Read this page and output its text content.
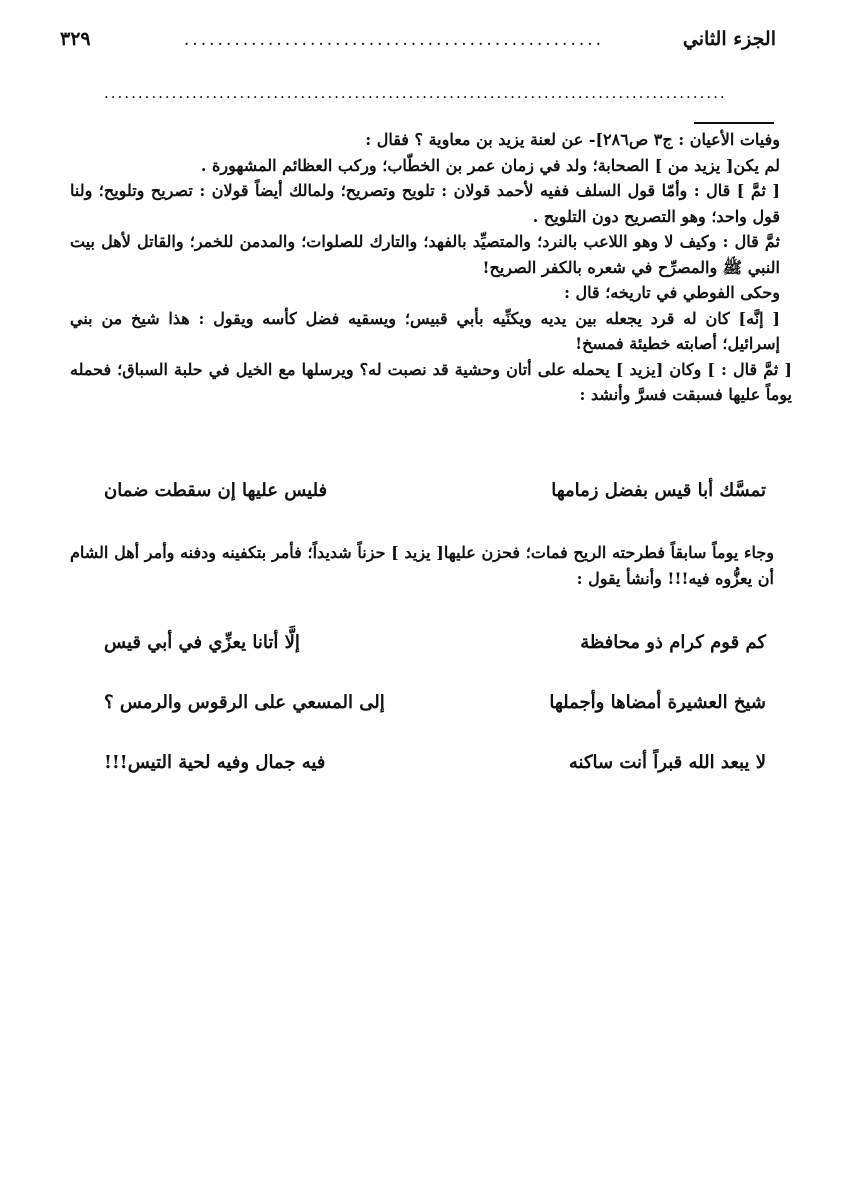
الجزء الثاني
..................................................
٣٢٩
............................................................................................

وفيات الأعيان : ج٣ ص٢٨٦]- عن لعنة يزيد بن معاوية ؟ فقال :

لم يكن[ يزيد من ] الصحابة؛ ولد في زمان عمر بن الخطّاب؛ وركب العظائم المشهورة .

[ ثمَّ ] قال : وأمّا قول السلف ففيه لأحمد قولان : تلويح وتصريح؛ ولمالك أيضاً قولان : تصريح وتلويح؛ ولنا قول واحد؛ وهو التصريح دون التلويح .

ثمَّ قال : وكيف لا وهو اللاعب بالنرد؛ والمتصيِّد بالفهد؛ والتارك للصلوات؛ والمدمن للخمر؛ والقاتل لأهل بيت النبي ﷺ والمصرِّح في شعره بالكفر الصريح!

وحكى الفوطي في تاريخه؛ قال :

[ إنَّه] كان له قرد يجعله بين يديه ويكنِّيه بأبي قبيس؛ ويسقيه فضل كأسه ويقول : هذا شيخ من بني إسرائيل؛ أصابته خطيئة فمسخ!

[ ثمَّ قال : ] وكان [يزيد ] يحمله على أتان وحشية قد نصبت له؟ ويرسلها مع الخيل في حلبة السباق؛ فحمله يوماً عليها فسبقت فسرَّ وأنشد :

تمسَّك أبا قيس بفضل زمامها
فليس عليها إن سقطت ضمان

وجاء يوماً سابقاً فطرحته الريح فمات؛ فحزن عليها[ يزيد ] حزناً شديداً؛ فأمر بتكفينه ودفنه وأمر أهل الشام أن يعزُّوه فيه!!! وأنشأ يقول :

كم قوم كرام ذو محافظة
إلَّا أتانا يعزِّي في أبي قيس
شيخ العشيرة أمضاها وأجملها
إلى المسعي على الرقوس والرمس ؟
لا يبعد الله قبراً أنت ساكنه
فيه جمال وفيه لحية التيس!!!
